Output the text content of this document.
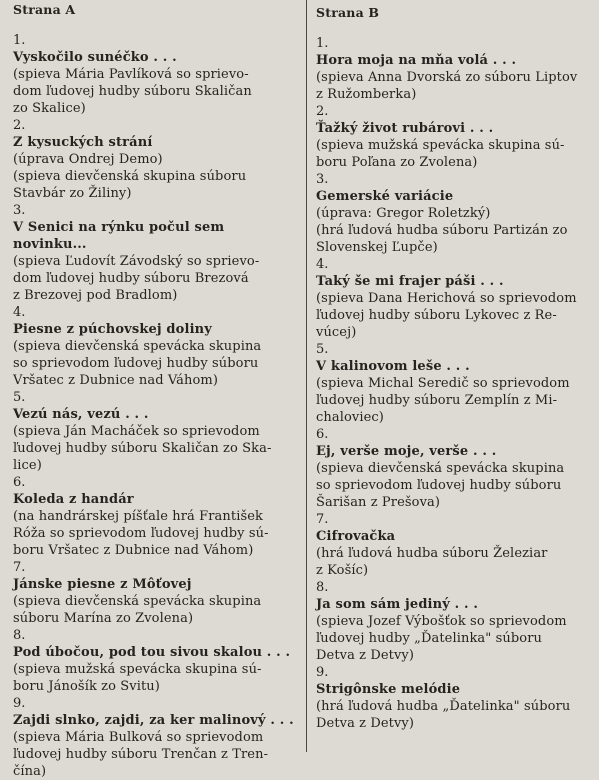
Strana A
1.
Vyskočilo sunéčko . . .
(spieva Mária Pavlíková so sprievo-
dom ľudovej hudby súboru Skaličan
zo Skalice)
2.
Z kysuckých strání
(úprava Ondrej Demo)
(spieva dievčenská skupina súboru
Stavbár zo Žiliny)
3.
V Senici na rýnku počul sem novinku...
(spieva Ľudovít Závodský so sprievo-
dom ľudovej hudby súboru Brezová
z Brezovej pod Bradlom)
4.
Piesne z púchovskej doliny
(spieva dievčenská spevácka skupina
so sprievodom ľudovej hudby súboru
Vršatec z Dubnice nad Váhom)
5.
Vezú nás, vezú . . .
(spieva Ján Macháček so sprievodom
ľudovej hudby súboru Skaličan zo Ska-
lice)
6.
Koleda z handár
(na handrárskej píšťale hrá František
Róža so sprievodom ľudovej hudby sú-
boru Vršatec z Dubnice nad Váhom)
7.
Jánske piesne z Môťovej
(spieva dievčenská spevácka skupina
súboru Marína zo Zvolena)
8.
Pod úbočou, pod tou sivou skalou . . .
(spieva mužská spevácka skupina sú-
boru Jánošík zo Svitu)
9.
Zajdi slnko, zajdi, za ker malinový . . .
(spieva Mária Bulková so sprievodom
ľudovej hudby súboru Trenčan z Tren-
čína)
Strana B
1.
Hora moja na mňa volá . . .
(spieva Anna Dvorská zo súboru Liptov
z Ružomberka)
2.
Ťažký život rubárovi . . .
(spieva mužská spevácka skupina sú-
boru Poľana zo Zvolena)
3.
Gemerské variácie
(úprava: Gregor Roletzký)
(hrá ľudová hudba súboru Partizán zo
Slovenskej Ľupče)
4.
Taký še mi frajer páši . . .
(spieva Dana Herichová so sprievodom
ľudovej hudby súboru Lykovec z Re-
vúcej)
5.
V kalinovom leše . . .
(spieva Michal Seredič so sprievodom
ľudovej hudby súboru Zemplín z Mi-
chaloviec)
6.
Ej, verše moje, verše . . .
(spieva dievčenská spevácka skupina
so sprievodom ľudovej hudby súboru
Šarišan z Prešova)
7.
Cifrovačka
(hrá ľudová hudba súboru Železiar
z Košíc)
8.
Ja som sám jediný . . .
(spieva Jozef Výbošťok so sprievodom
ľudovej hudby „Ďatelinka" súboru
Detva z Detvy)
9.
Strigônske melódie
(hrá ľudová hudba „Ďatelinka" súboru
Detva z Detvy)
